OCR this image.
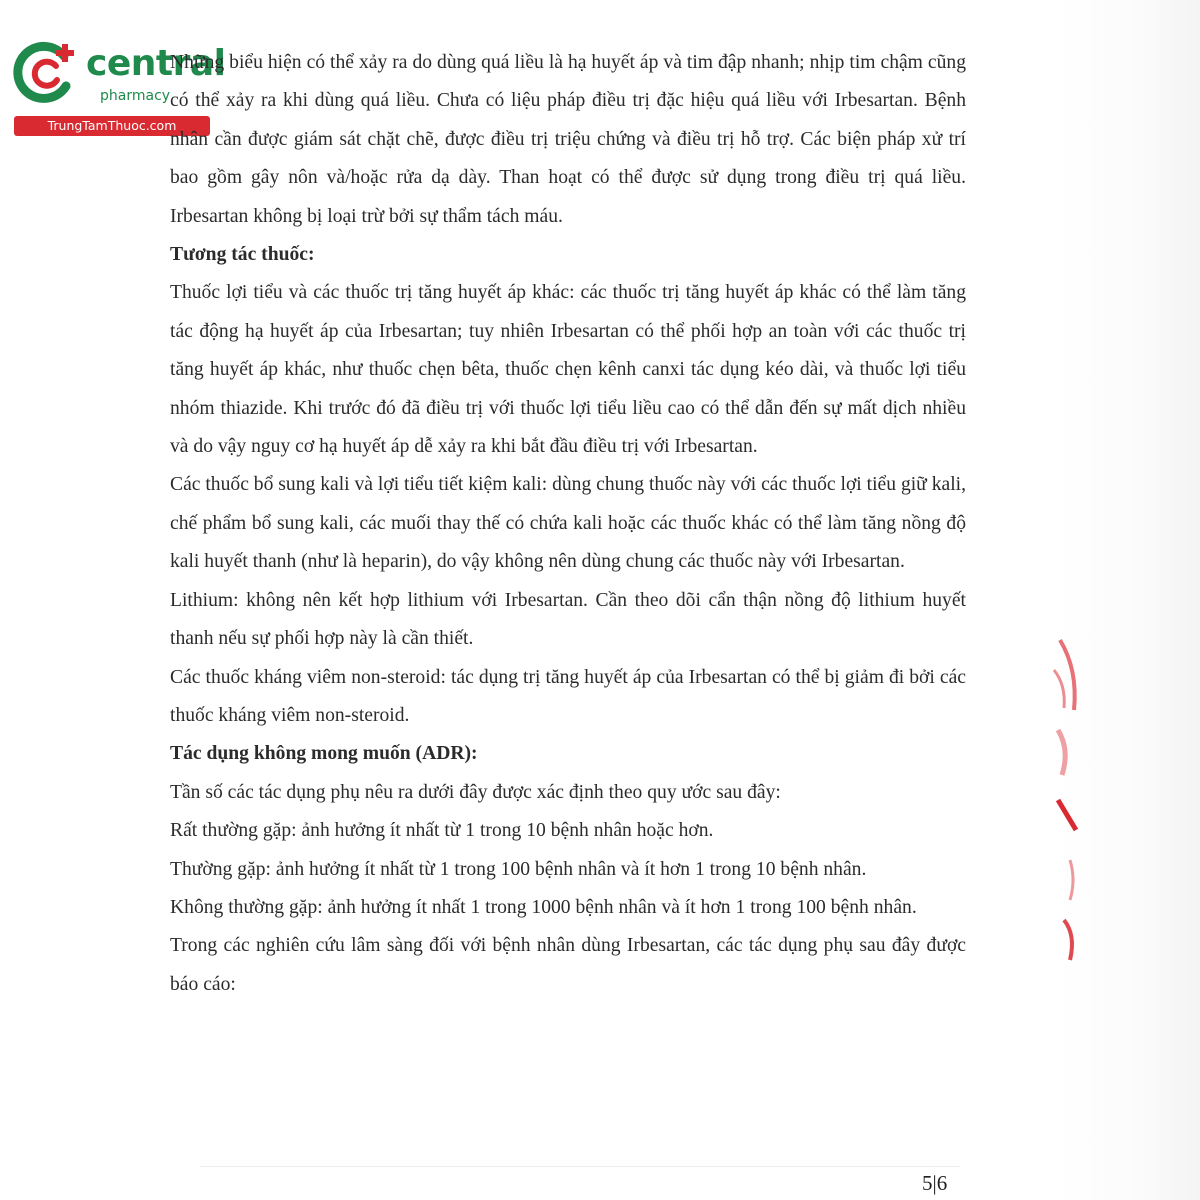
central
pharmacy
TrungTamThuoc.com

Những biểu hiện có thể xảy ra do dùng quá liều là hạ huyết áp và tim đập nhanh; nhịp tim chậm cũng có thể xảy ra khi dùng quá liều. Chưa có liệu pháp điều trị đặc hiệu quá liều với Irbesartan. Bệnh nhân cần được giám sát chặt chẽ, được điều trị triệu chứng và điều trị hỗ trợ. Các biện pháp xử trí bao gồm gây nôn và/hoặc rửa dạ dày. Than hoạt có thể được sử dụng trong điều trị quá liều. Irbesartan không bị loại trừ bởi sự thẩm tách máu.

Tương tác thuốc:

Thuốc lợi tiểu và các thuốc trị tăng huyết áp khác: các thuốc trị tăng huyết áp khác có thể làm tăng tác động hạ huyết áp của Irbesartan; tuy nhiên Irbesartan có thể phối hợp an toàn với các thuốc trị tăng huyết áp khác, như thuốc chẹn bêta, thuốc chẹn kênh canxi tác dụng kéo dài, và thuốc lợi tiểu nhóm thiazide. Khi trước đó đã điều trị với thuốc lợi tiểu liều cao có thể dẫn đến sự mất dịch nhiều và do vậy nguy cơ hạ huyết áp dễ xảy ra khi bắt đầu điều trị với Irbesartan.

Các thuốc bổ sung kali và lợi tiểu tiết kiệm kali: dùng chung thuốc này với các thuốc lợi tiểu giữ kali, chế phẩm bổ sung kali, các muối thay thế có chứa kali hoặc các thuốc khác có thể làm tăng nồng độ kali huyết thanh (như là heparin), do vậy không nên dùng chung các thuốc này với Irbesartan.

Lithium: không nên kết hợp lithium với Irbesartan. Cần theo dõi cẩn thận nồng độ lithium huyết thanh nếu sự phối hợp này là cần thiết.

Các thuốc kháng viêm non-steroid: tác dụng trị tăng huyết áp của Irbesartan có thể bị giảm đi bởi các thuốc kháng viêm non-steroid.

Tác dụng không mong muốn (ADR):

Tần số các tác dụng phụ nêu ra dưới đây được xác định theo quy ước sau đây:

Rất thường gặp: ảnh hưởng ít nhất từ 1 trong 10 bệnh nhân hoặc hơn.

Thường gặp: ảnh hưởng ít nhất từ 1 trong 100 bệnh nhân và ít hơn 1 trong 10 bệnh nhân.

Không thường gặp: ảnh hưởng ít nhất 1 trong 1000 bệnh nhân và ít hơn 1 trong 100 bệnh nhân.

Trong các nghiên cứu lâm sàng đối với bệnh nhân dùng Irbesartan, các tác dụng phụ sau đây được báo cáo:

5|6
